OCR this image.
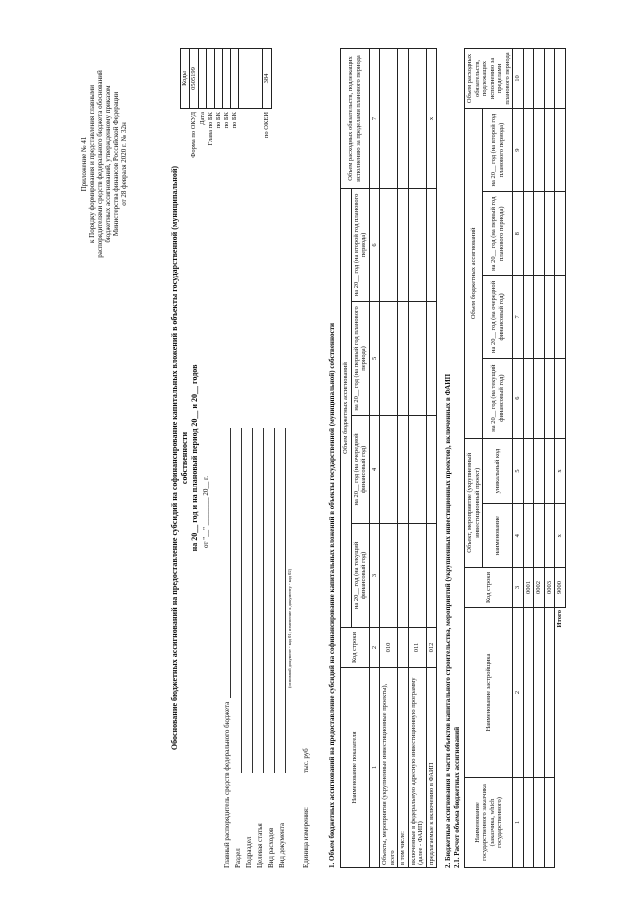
Приложение № 41 к Порядку формирования и представления главными распорядителями средств федерального бюджета обоснований бюджетных ассигнований, утвержденному приказом Министерства финансов Российской Федерации от 28 февраля 2020 г. № 32н
Обоснование бюджетных ассигнований на предоставление субсидий на софинансирование капитальных вложений в объекты государственной (муниципальной) собственности на 20__ год и на плановый период 20__ и 20__ годов от "__" ________ 20__ г.
Главный распорядитель средств федерального бюджета Раздел Подраздел Целевая статья Вид расходов Вид документа
(основной документ - код 01; изменение к документу - код 02)
Единица измерения:
тыс. руб
	Коды
Форма по ОКУД	0505199
Дата	
Глава по БК	
по БК	
по БК	
по БК	

по ОКЕИ	384
1. Объем бюджетных ассигнований на предоставление субсидий на софинансирование капитальных вложений в объекты государственной (муниципальной) собственности Наименование показателя	Код строки	Объем бюджетных ассигнований				Объем расходных обязательств, подлежащих исполнению за пределами планового периода
		на 20__ год (на текущий финансовый год)	на 20__ год (на очередной финансовый год)	на 20__ год (на первый год планового периода)	на 20__ год (на второй год планового периода)	
1	2	3	4	5	6	7
Объекты, мероприятия (укрупненные инвестиционные проекты), всего	010					
в том числе:						
включенные в федеральную адресную инвестиционную программу (далее - ФАИП)	011					
предлагаемые к включению в ФАИП	012					x
2. Бюджетные ассигнования в части объектов капитального строительства, мероприятий (укрупненных инвестиционных проектов), включенных в ФАИП 2.1. Расчет объема бюджетных ассигнований Наименование государственного заказчика (заказчика, which государственного)	Наименование застройщика	Код строки	Объект, мероприятие (укрупненный инвестиционный проект)		Объем бюджетных ассигнований				Объем расходных обязательств, подлежащих исполнению за пределами планового периода
			наименование	уникальный код	на 20__ год (на текущий финансовый год)	на 20__ год (на очередной финансовый год)	на 20__ год (на первый год планового периода)	на 20__ год (на второй год планового периода)	

1	2	3	4	5	6	7	8	9	10
		0001							
		0002							
		0003							
Итого		9000	x	x					
